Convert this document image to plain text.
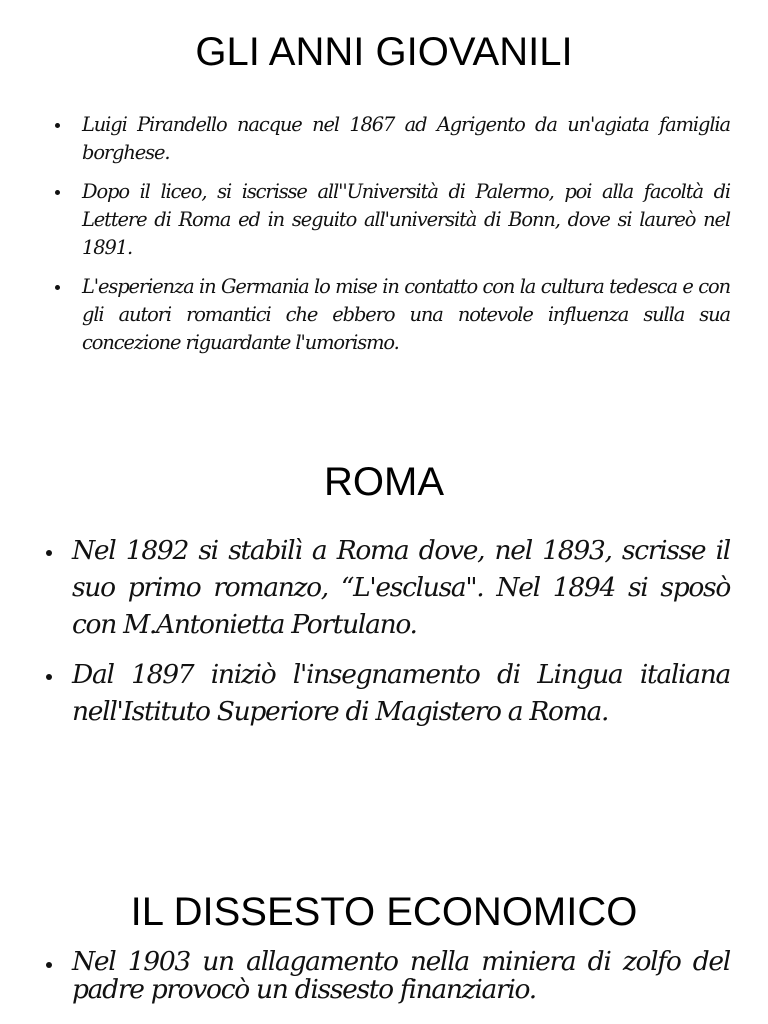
GLI ANNI GIOVANILI
Luigi Pirandello nacque nel 1867 ad Agrigento da un'agiata famiglia borghese.
Dopo il liceo, si iscrisse all''Università di Palermo, poi alla facoltà di Lettere di Roma ed in seguito all'università di Bonn, dove si laureò nel 1891.
L'esperienza in Germania lo mise in contatto con la cultura tedesca e con gli autori romantici che ebbero una notevole influenza sulla sua concezione riguardante l'umorismo.
ROMA
Nel 1892 si stabilì a Roma dove, nel 1893, scrisse il suo primo romanzo, “L'esclusa". Nel 1894 si sposò con M.Antonietta Portulano.
Dal 1897 iniziò l'insegnamento di Lingua italiana nell'Istituto Superiore di Magistero a Roma.
IL DISSESTO ECONOMICO
Nel 1903 un allagamento nella miniera di zolfo del padre provocò un dissesto finanziario.
